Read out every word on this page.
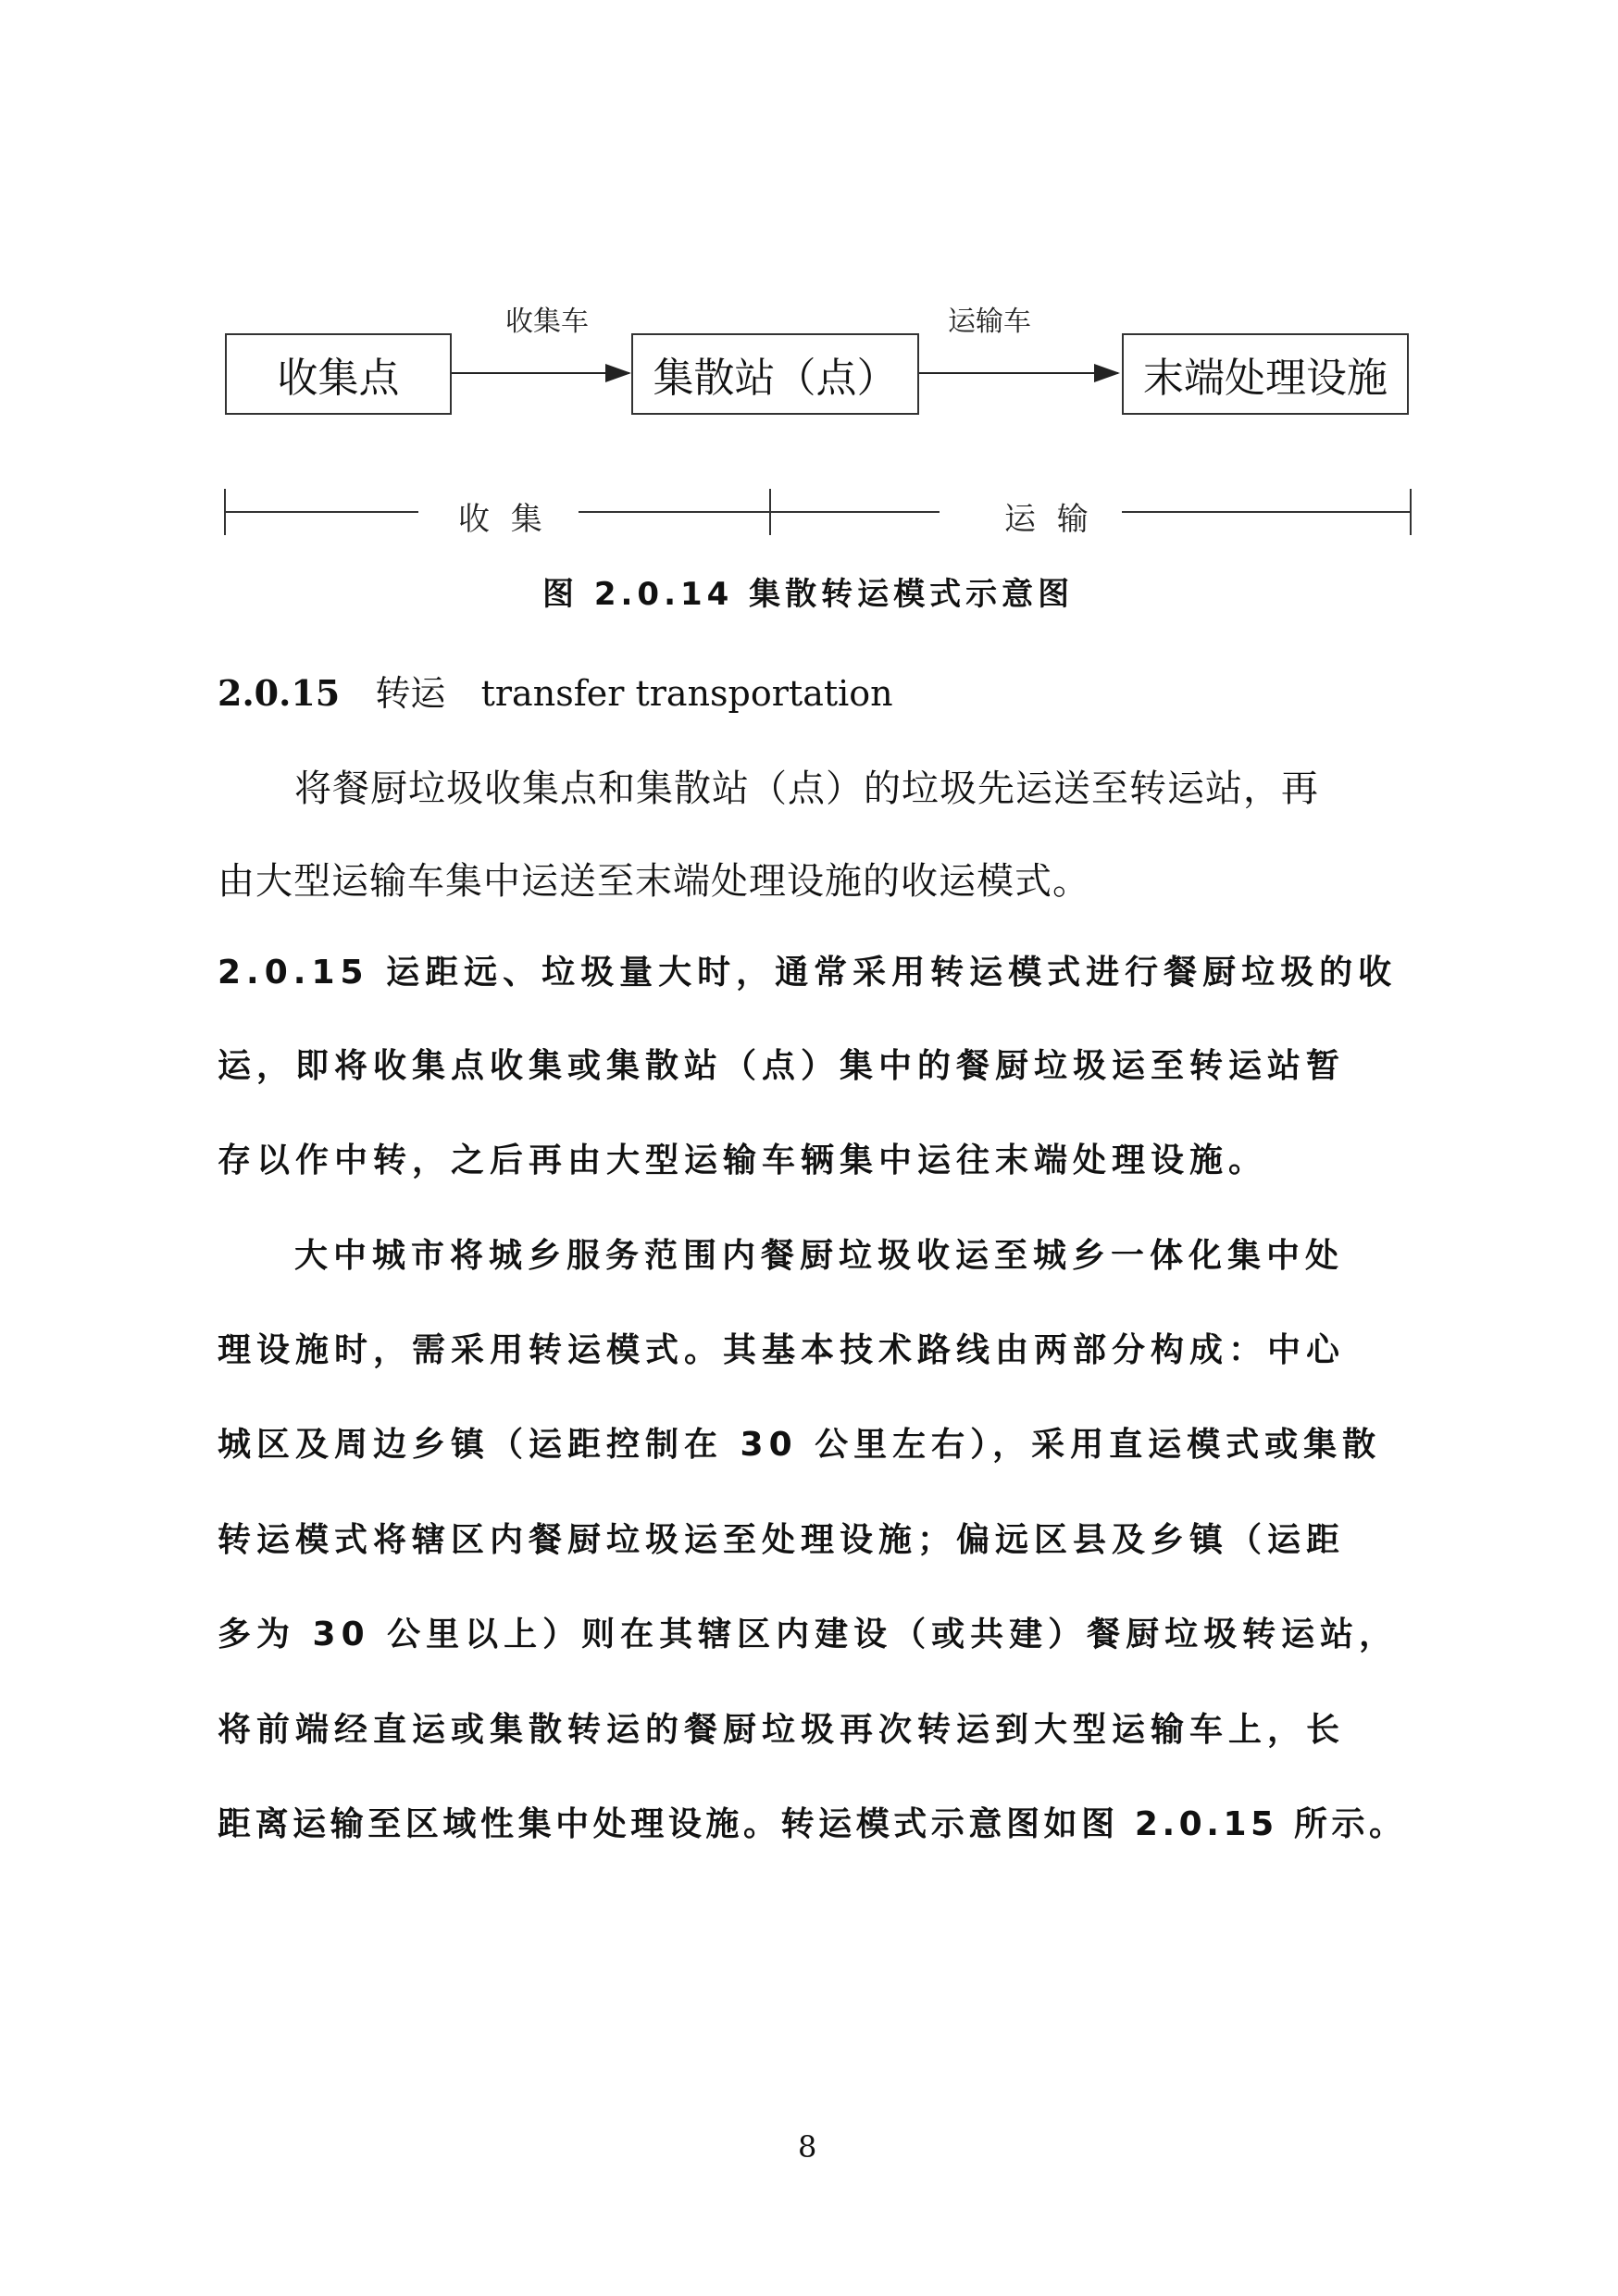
收集点	集散站（点）	末端处理设施
收集车	运输车
收 集	运 输
图 2.0.14 集散转运模式示意图
2.0.15 转运 transfer transportation
将餐厨垃圾收集点和集散站（点）的垃圾先运送至转运站，再
由大型运输车集中运送至末端处理设施的收运模式。
2.0.15 运距远、垃圾量大时，通常采用转运模式进行餐厨垃圾的收
运，即将收集点收集或集散站（点）集中的餐厨垃圾运至转运站暂
存以作中转，之后再由大型运输车辆集中运往末端处理设施。
大中城市将城乡服务范围内餐厨垃圾收运至城乡一体化集中处
理设施时，需采用转运模式。其基本技术路线由两部分构成：中心
城区及周边乡镇（运距控制在 30 公里左右），采用直运模式或集散
转运模式将辖区内餐厨垃圾运至处理设施；偏远区县及乡镇（运距
多为 30 公里以上）则在其辖区内建设（或共建）餐厨垃圾转运站，
将前端经直运或集散转运的餐厨垃圾再次转运到大型运输车上，长
距离运输至区域性集中处理设施。转运模式示意图如图 2.0.15 所示。
8
